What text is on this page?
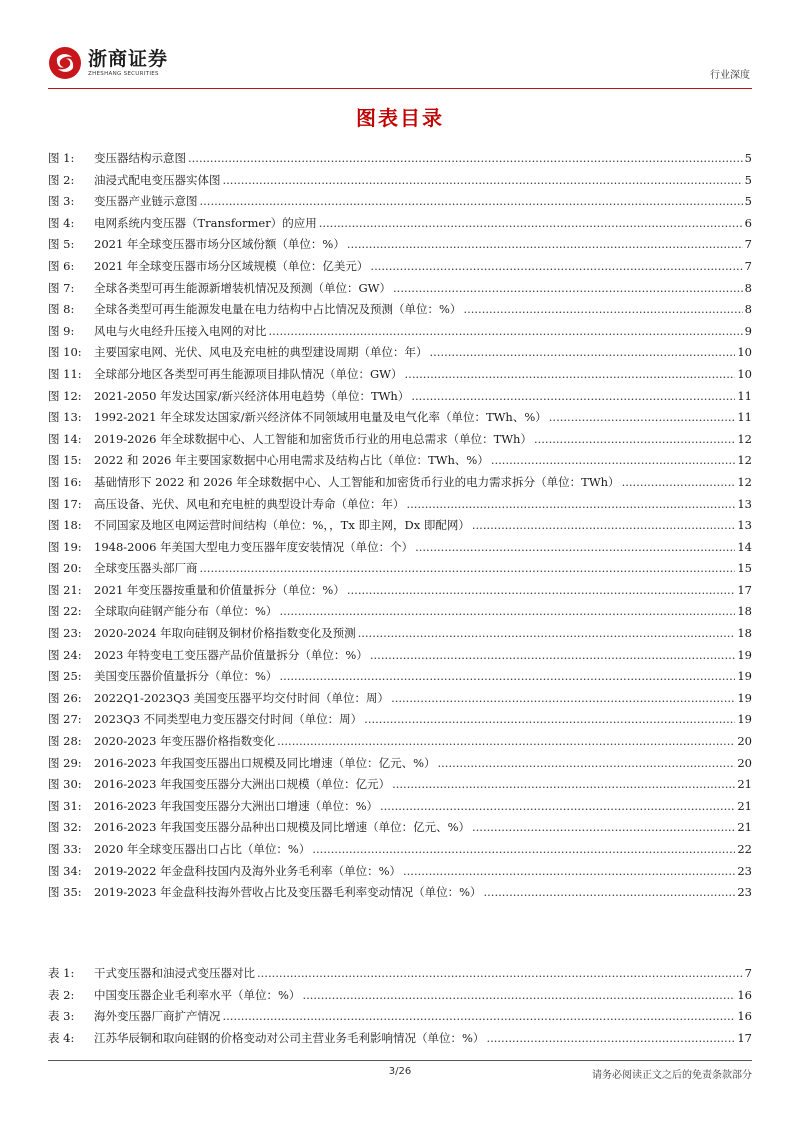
浙商证券
ZHESHANG SECURITIES	行业深度
图表目录
图 1:	变压器结构示意图 .....	5
图 2:	油浸式配电变压器实体图 .....	5
图 3:	变压器产业链示意图 .....	5
图 4:	电网系统内变压器（Transformer）的应用 .....	6
图 5:	2021 年全球变压器市场分区域份额（单位：%） .....	7
图 6:	2021 年全球变压器市场分区域规模（单位：亿美元） .....	7
图 7:	全球各类型可再生能源新增装机情况及预测（单位：GW） .....	8
图 8:	全球各类型可再生能源发电量在电力结构中占比情况及预测（单位：%） .....	8
图 9:	风电与火电经升压接入电网的对比 .....	9
图 10:	主要国家电网、光伏、风电及充电桩的典型建设周期（单位：年） .....	10
图 11:	全球部分地区各类型可再生能源项目排队情况（单位：GW） .....	10
图 12:	2021-2050 年发达国家/新兴经济体用电趋势（单位：TWh） .....	11
图 13:	1992-2021 年全球发达国家/新兴经济体不同领域用电量及电气化率（单位：TWh、%） .....	11
图 14:	2019-2026 年全球数据中心、人工智能和加密货币行业的用电总需求（单位：TWh） .....	12
图 15:	2022 和 2026 年主要国家数据中心用电需求及结构占比（单位：TWh、%） .....	12
图 16:	基础情形下 2022 和 2026 年全球数据中心、人工智能和加密货币行业的电力需求拆分（单位：TWh） .....	12
图 17:	高压设备、光伏、风电和充电桩的典型设计寿命（单位：年） .....	13
图 18:	不同国家及地区电网运营时间结构（单位：%，，Tx 即主网，Dx 即配网） .....	13
图 19:	1948-2006 年美国大型电力变压器年度安装情况（单位：个） .....	14
图 20:	全球变压器头部厂商 .....	15
图 21:	2021 年变压器按重量和价值量拆分（单位：%） .....	17
图 22:	全球取向硅钢产能分布（单位：%） .....	18
图 23:	2020-2024 年取向硅钢及铜材价格指数变化及预测 .....	18
图 24:	2023 年特变电工变压器产品价值量拆分（单位：%） .....	19
图 25:	美国变压器价值量拆分（单位：%） .....	19
图 26:	2022Q1-2023Q3 美国变压器平均交付时间（单位：周） .....	19
图 27:	2023Q3 不同类型电力变压器交付时间（单位：周） .....	19
图 28:	2020-2023 年变压器价格指数变化 .....	20
图 29:	2016-2023 年我国变压器出口规模及同比增速（单位：亿元、%） .....	20
图 30:	2016-2023 年我国变压器分大洲出口规模（单位：亿元） .....	21
图 31:	2016-2023 年我国变压器分大洲出口增速（单位：%） .....	21
图 32:	2016-2023 年我国变压器分品种出口规模及同比增速（单位：亿元、%） .....	21
图 33:	2020 年全球变压器出口占比（单位：%） .....	22
图 34:	2019-2022 年金盘科技国内及海外业务毛利率（单位：%） .....	23
图 35:	2019-2023 年金盘科技海外营收占比及变压器毛利率变动情况（单位：%） .....	23
表 1:	干式变压器和油浸式变压器对比 .....	7
表 2:	中国变压器企业毛利率水平（单位：%） .....	16
表 3:	海外变压器厂商扩产情况 .....	16
表 4:	江苏华辰铜和取向硅钢的价格变动对公司主营业务毛利影响情况（单位：%） .....	17
3/26	请务必阅读正文之后的免责条款部分
